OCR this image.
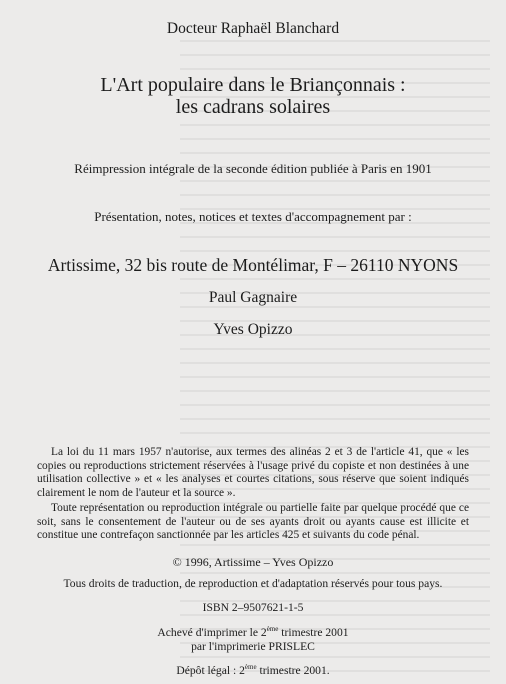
Docteur Raphaël Blanchard
L'Art populaire dans le Briançonnais :
les cadrans solaires
Réimpression intégrale de la seconde édition publiée à Paris en 1901
Présentation, notes, notices et textes d'accompagnement par :
Artissime, 32 bis route de Montélimar, F – 26110 NYONS
Paul Gagnaire
Yves Opizzo
La loi du 11 mars 1957 n'autorise, aux termes des alinéas 2 et 3 de l'article 41, que « les copies ou reproductions strictement réservées à l'usage privé du copiste et non destinées à une utilisation collective » et « les analyses et courtes citations, sous réserve que soient indiqués clairement le nom de l'auteur et la source ».
Toute représentation ou reproduction intégrale ou partielle faite par quelque procédé que ce soit, sans le consentement de l'auteur ou de ses ayants droit ou ayants cause est illicite et constitue une contrefaçon sanctionnée par les articles 425 et suivants du code pénal.
© 1996, Artissime – Yves Opizzo
Tous droits de traduction, de reproduction et d'adaptation réservés pour tous pays.
ISBN 2–9507621-1-5
Achevé d'imprimer le 2ème trimestre 2001
par l'imprimerie PRISLEC
Dépôt légal : 2ème trimestre 2001.
